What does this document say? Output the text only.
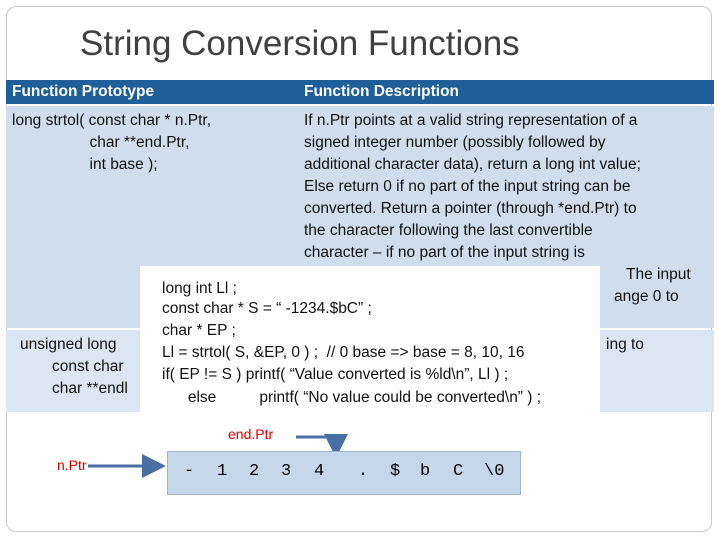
String Conversion Functions
Function Prototype	Function Description
long strtol( const char * n.Ptr,
char **end.Ptr,
int base );
If n.Ptr points at a valid string representation of a
signed integer number (possibly followed by
additional character data), return a long int value;
Else return 0 if no part of the input string can be
converted. Return a pointer (through *end.Ptr) to
the character following the last convertible
character – if no part of the input string is
The input
ange 0 to
unsigned long
const char
char **endl
ing to
long int Ll ;
const char * S = “ -1234.$bC” ;
char * EP ;
Ll = strtol( S, &EP, 0 ) ;  // 0 base => base = 8, 10, 16
if( EP != S ) printf( “Value converted is %ld\n”, Ll ) ;
else          printf( “No value could be converted\n” ) ;
end.Ptr
n.Ptr	- 1 2 3 4 . $ b C \0
